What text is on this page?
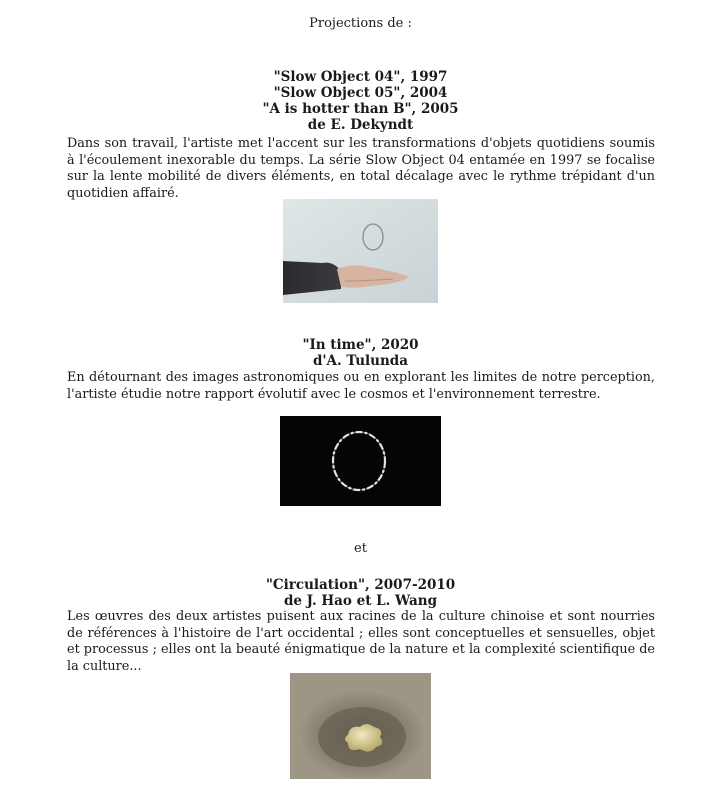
Projections de :
"Slow Object 04", 1997
"Slow Object 05", 2004
"A is hotter than B", 2005
de E. Dekyndt
Dans son travail, l'artiste met l'accent sur les transformations d'objets quotidiens soumis à l'écoulement inexorable du temps. La série Slow Object 04 entamée en 1997 se focalise sur la lente mobilité de divers éléments, en total décalage avec le rythme trépidant d'un quotidien affairé.
"In time", 2020
d'A. Tulunda
En détournant des images astronomiques ou en explorant les limites de notre perception, l'artiste étudie notre rapport évolutif avec le cosmos et l'environnement terrestre.
et
"Circulation", 2007-2010
de J. Hao et L. Wang
Les œuvres des deux artistes puisent aux racines de la culture chinoise et sont nourries de références à l'histoire de l'art occidental ; elles sont conceptuelles et sensuelles, objet et processus ; elles ont la beauté énigmatique de la nature et la complexité scientifique de la culture...
